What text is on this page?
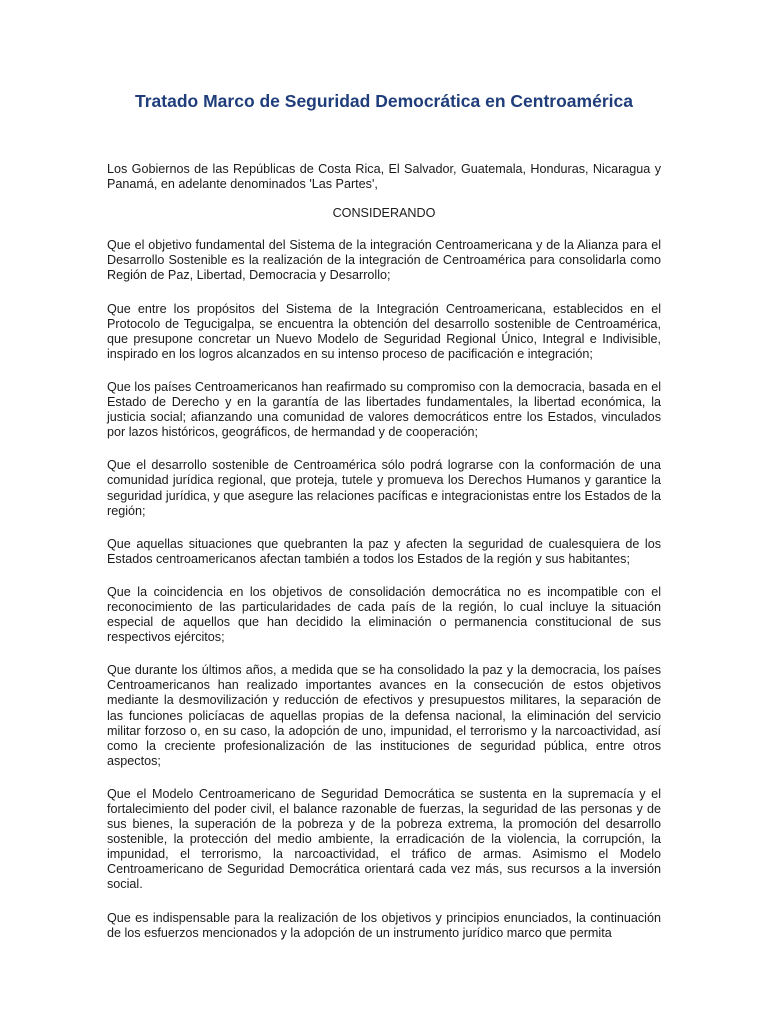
Tratado Marco de Seguridad Democrática en Centroamérica

Los Gobiernos de las Repúblicas de Costa Rica, El Salvador, Guatemala, Honduras, Nicaragua y Panamá, en adelante denominados 'Las Partes',

CONSIDERANDO

Que el objetivo fundamental del Sistema de la integración Centroamericana y de la Alianza para el Desarrollo Sostenible es la realización de la integración de Centroamérica para consolidarla como Región de Paz, Libertad, Democracia y Desarrollo;

Que entre los propósitos del Sistema de la Integración Centroamericana, establecidos en el Protocolo de Tegucigalpa, se encuentra la obtención del desarrollo sostenible de Centroamérica, que presupone concretar un Nuevo Modelo de Seguridad Regional Único, Integral e Indivisible, inspirado en los logros alcanzados en su intenso proceso de pacificación e integración;

Que los países Centroamericanos han reafirmado su compromiso con la democracia, basada en el Estado de Derecho y en la garantía de las libertades fundamentales, la libertad económica, la justicia social; afianzando una comunidad de valores democráticos entre los Estados, vinculados por lazos históricos, geográficos, de hermandad y de cooperación;

Que el desarrollo sostenible de Centroamérica sólo podrá lograrse con la conformación de una comunidad jurídica regional, que proteja, tutele y promueva los Derechos Humanos y garantice la seguridad jurídica, y que asegure las relaciones pacíficas e integracionistas entre los Estados de la región;

Que aquellas situaciones que quebranten la paz y afecten la seguridad de cualesquiera de los Estados centroamericanos afectan también a todos los Estados de la región y sus habitantes;

Que la coincidencia en los objetivos de consolidación democrática no es incompatible con el reconocimiento de las particularidades de cada país de la región, lo cual incluye la situación especial de aquellos que han decidido la eliminación o permanencia constitucional de sus respectivos ejércitos;

Que durante los últimos años, a medida que se ha consolidado la paz y la democracia, los países Centroamericanos han realizado importantes avances en la consecución de estos objetivos mediante la desmovilización y reducción de efectivos y presupuestos militares, la separación de las funciones policíacas de aquellas propias de la defensa nacional, la eliminación del servicio militar forzoso o, en su caso, la adopción de uno, impunidad, el terrorismo y la narcoactividad, así como la creciente profesionalización de las instituciones de seguridad pública, entre otros aspectos;

Que el Modelo Centroamericano de Seguridad Democrática se sustenta en la supremacía y el fortalecimiento del poder civil, el balance razonable de fuerzas, la seguridad de las personas y de sus bienes, la superación de la pobreza y de la pobreza extrema, la promoción del desarrollo sostenible, la protección del medio ambiente, la erradicación de la violencia, la corrupción, la impunidad, el terrorismo, la narcoactividad, el tráfico de armas. Asimismo el Modelo Centroamericano de Seguridad Democrática orientará cada vez más, sus recursos a la inversión social.

Que es indispensable para la realización de los objetivos y principios enunciados, la continuación de los esfuerzos mencionados y la adopción de un instrumento jurídico marco que permita
